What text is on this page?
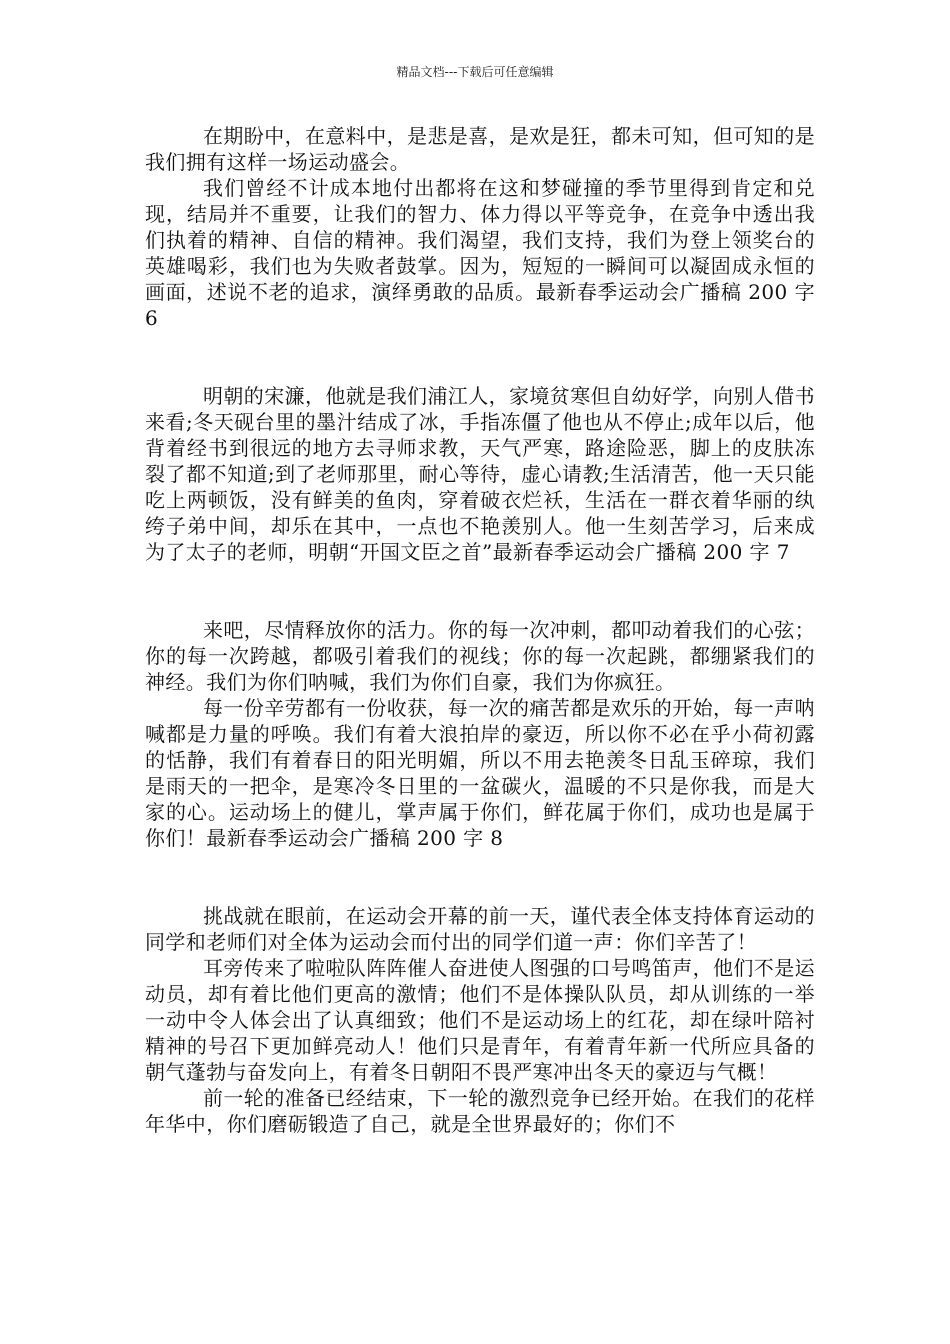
精品文档---下载后可任意编辑

在期盼中，在意料中，是悲是喜，是欢是狂，都未可知，但可知的是我们拥有这样一场运动盛会。

我们曾经不计成本地付出都将在这和梦碰撞的季节里得到肯定和兑现，结局并不重要，让我们的智力、体力得以平等竞争，在竞争中透出我们执着的精神、自信的精神。我们渴望，我们支持，我们为登上领奖台的英雄喝彩，我们也为失败者鼓掌。因为，短短的一瞬间可以凝固成永恒的画面，述说不老的追求，演绎勇敢的品质。最新春季运动会广播稿 200 字 6

明朝的宋濂，他就是我们浦江人，家境贫寒但自幼好学，向别人借书来看;冬天砚台里的墨汁结成了冰，手指冻僵了他也从不停止;成年以后，他背着经书到很远的地方去寻师求教，天气严寒，路途险恶，脚上的皮肤冻裂了都不知道;到了老师那里，耐心等待，虚心请教;生活清苦，他一天只能吃上两顿饭，没有鲜美的鱼肉，穿着破衣烂袄，生活在一群衣着华丽的纨绔子弟中间，却乐在其中，一点也不艳羡别人。他一生刻苦学习，后来成为了太子的老师，明朝“开国文臣之首”最新春季运动会广播稿 200 字 7

来吧，尽情释放你的活力。你的每一次冲刺，都叩动着我们的心弦；你的每一次跨越，都吸引着我们的视线；你的每一次起跳，都绷紧我们的神经。我们为你们呐喊，我们为你们自豪，我们为你疯狂。

每一份辛劳都有一份收获，每一次的痛苦都是欢乐的开始，每一声呐喊都是力量的呼唤。我们有着大浪拍岸的豪迈，所以你不必在乎小荷初露的恬静，我们有着春日的阳光明媚，所以不用去艳羡冬日乱玉碎琼，我们是雨天的一把伞，是寒冷冬日里的一盆碳火，温暖的不只是你我，而是大家的心。运动场上的健儿，掌声属于你们，鲜花属于你们，成功也是属于你们！最新春季运动会广播稿 200 字 8

挑战就在眼前，在运动会开幕的前一天，谨代表全体支持体育运动的同学和老师们对全体为运动会而付出的同学们道一声：你们辛苦了！

耳旁传来了啦啦队阵阵催人奋进使人图强的口号鸣笛声，他们不是运动员，却有着比他们更高的激情；他们不是体操队队员，却从训练的一举一动中令人体会出了认真细致；他们不是运动场上的红花，却在绿叶陪衬精神的号召下更加鲜亮动人！他们只是青年，有着青年新一代所应具备的朝气蓬勃与奋发向上，有着冬日朝阳不畏严寒冲出冬天的豪迈与气概！

前一轮的准备已经结束，下一轮的激烈竞争已经开始。在我们的花样年华中，你们磨砺锻造了自己，就是全世界最好的；你们不
